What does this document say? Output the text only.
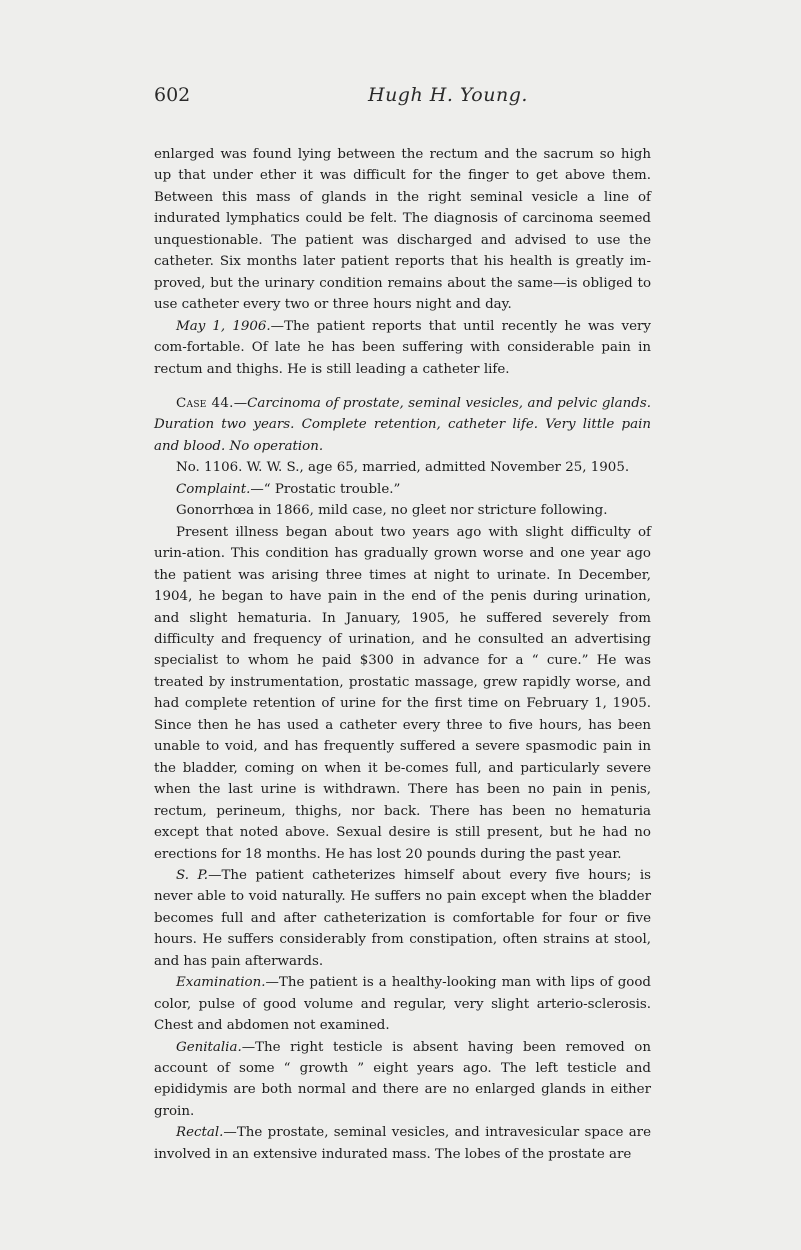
602	Hugh H. Young.

enlarged was found lying between the rectum and the sacrum so high up that under ether it was difficult for the finger to get above them. Between this mass of glands in the right seminal vesicle a line of indurated lymphatics could be felt. The diagnosis of carcinoma seemed unquestionable. The patient was discharged and advised to use the catheter. Six months later patient reports that his health is greatly im-proved, but the urinary condition remains about the same—is obliged to use catheter every two or three hours night and day.

May 1, 1906.—The patient reports that until recently he was very com-fortable. Of late he has been suffering with considerable pain in rectum and thighs. He is still leading a catheter life.

Case 44.—Carcinoma of prostate, seminal vesicles, and pelvic glands. Duration two years. Complete retention, catheter life. Very little pain and blood. No operation.

No. 1106. W. W. S., age 65, married, admitted November 25, 1905.

Complaint.—“ Prostatic trouble.”

Gonorrhœa in 1866, mild case, no gleet nor stricture following.

Present illness began about two years ago with slight difficulty of urin-ation. This condition has gradually grown worse and one year ago the patient was arising three times at night to urinate. In December, 1904, he began to have pain in the end of the penis during urination, and slight hematuria. In January, 1905, he suffered severely from difficulty and frequency of urination, and he consulted an advertising specialist to whom he paid $300 in advance for a “ cure.” He was treated by instrumentation, prostatic massage, grew rapidly worse, and had complete retention of urine for the first time on February 1, 1905. Since then he has used a catheter every three to five hours, has been unable to void, and has frequently suffered a severe spasmodic pain in the bladder, coming on when it be-comes full, and particularly severe when the last urine is withdrawn. There has been no pain in penis, rectum, perineum, thighs, nor back. There has been no hematuria except that noted above. Sexual desire is still present, but he had no erections for 18 months. He has lost 20 pounds during the past year.

S. P.—The patient catheterizes himself about every five hours; is never able to void naturally. He suffers no pain except when the bladder becomes full and after catheterization is comfortable for four or five hours. He suffers considerably from constipation, often strains at stool, and has pain afterwards.

Examination.—The patient is a healthy-looking man with lips of good color, pulse of good volume and regular, very slight arterio-sclerosis. Chest and abdomen not examined.

Genitalia.—The right testicle is absent having been removed on account of some “ growth ” eight years ago. The left testicle and epididymis are both normal and there are no enlarged glands in either groin.

Rectal.—The prostate, seminal vesicles, and intravesicular space are involved in an extensive indurated mass. The lobes of the prostate are
